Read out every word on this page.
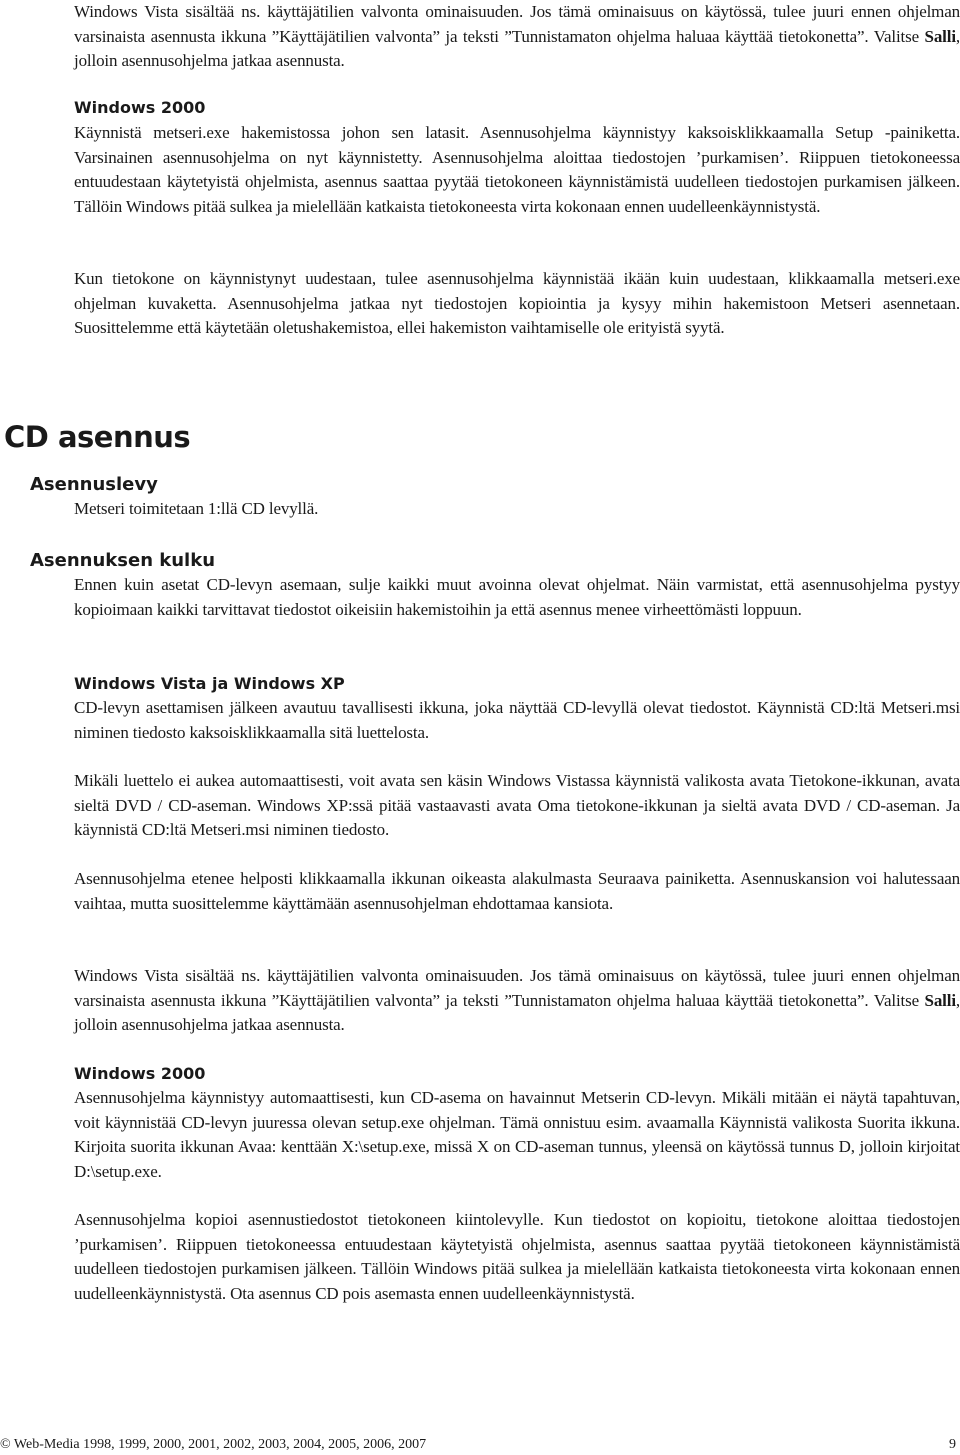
Windows Vista sisältää ns. käyttäjätilien valvonta ominaisuuden. Jos tämä ominaisuus on käytössä, tulee juuri ennen ohjelman varsinaista asennusta ikkuna ”Käyttäjätilien valvonta” ja teksti ”Tunnistamaton ohjelma haluaa käyttää tietokonetta”. Valitse Salli, jolloin asennusohjelma jatkaa asennusta.

Windows 2000

Käynnistä metseri.exe hakemistossa johon sen latasit. Asennusohjelma käynnistyy kaksoisklikkaamalla Setup -painiketta. Varsinainen asennusohjelma on nyt käynnistetty. Asennusohjelma aloittaa tiedostojen ’purkamisen’. Riippuen tietokoneessa entuudestaan käytetyistä ohjelmista, asennus saattaa pyytää tietokoneen käynnistämistä uudelleen tiedostojen purkamisen jälkeen. Tällöin Windows pitää sulkea ja mielellään katkaista tietokoneesta virta kokonaan ennen uudelleenkäynnistystä.

Kun tietokone on käynnistynyt uudestaan, tulee asennusohjelma käynnistää ikään kuin uudestaan, klikkaamalla metseri.exe ohjelman kuvaketta. Asennusohjelma jatkaa nyt tiedostojen kopiointia ja kysyy mihin hakemistoon Metseri asennetaan. Suosittelemme että käytetään oletushakemistoa, ellei hakemiston vaihtamiselle ole erityistä syytä.

CD asennus
Asennuslevy

Metseri toimitetaan 1:llä CD levyllä.

Asennuksen kulku

Ennen kuin asetat CD-levyn asemaan, sulje kaikki muut avoinna olevat ohjelmat. Näin varmistat, että asennusohjelma pystyy kopioimaan kaikki tarvittavat tiedostot oikeisiin hakemistoihin ja että asennus menee virheettömästi loppuun.

Windows Vista ja Windows XP

CD-levyn asettamisen jälkeen avautuu tavallisesti ikkuna, joka näyttää CD-levyllä olevat tiedostot. Käynnistä CD:ltä Metseri.msi niminen tiedosto kaksoisklikkaamalla sitä luettelosta.

Mikäli luettelo ei aukea automaattisesti, voit avata sen käsin Windows Vistassa käynnistä valikosta avata Tietokone-ikkunan, avata sieltä DVD / CD-aseman. Windows XP:ssä pitää vastaavasti avata Oma tietokone-ikkunan ja sieltä avata DVD / CD-aseman. Ja käynnistä CD:ltä Metseri.msi niminen tiedosto.

Asennusohjelma etenee helposti klikkaamalla ikkunan oikeasta alakulmasta Seuraava painiketta. Asennuskansion voi halutessaan vaihtaa, mutta suosittelemme käyttämään asennusohjelman ehdottamaa kansiota.

Windows Vista sisältää ns. käyttäjätilien valvonta ominaisuuden. Jos tämä ominaisuus on käytössä, tulee juuri ennen ohjelman varsinaista asennusta ikkuna ”Käyttäjätilien valvonta” ja teksti ”Tunnistamaton ohjelma haluaa käyttää tietokonetta”. Valitse Salli, jolloin asennusohjelma jatkaa asennusta.

Windows 2000

Asennusohjelma käynnistyy automaattisesti, kun CD-asema on havainnut Metserin CD-levyn. Mikäli mitään ei näytä tapahtuvan, voit käynnistää CD-levyn juuressa olevan setup.exe ohjelman. Tämä onnistuu esim. avaamalla Käynnistä valikosta Suorita ikkuna. Kirjoita suorita ikkunan Avaa: kenttään X:\setup.exe, missä X on CD-aseman tunnus, yleensä on käytössä tunnus D, jolloin kirjoitat D:\setup.exe.

Asennusohjelma kopioi asennustiedostot tietokoneen kiintolevylle. Kun tiedostot on kopioitu, tietokone aloittaa tiedostojen ’purkamisen’. Riippuen tietokoneessa entuudestaan käytetyistä ohjelmista, asennus saattaa pyytää tietokoneen käynnistämistä uudelleen tiedostojen purkamisen jälkeen. Tällöin Windows pitää sulkea ja mielellään katkaista tietokoneesta virta kokonaan ennen uudelleenkäynnistystä. Ota asennus CD pois asemasta ennen uudelleenkäynnistystä.

© Web-Media 1998, 1999, 2000, 2001, 2002, 2003, 2004, 2005, 2006, 2007	9
